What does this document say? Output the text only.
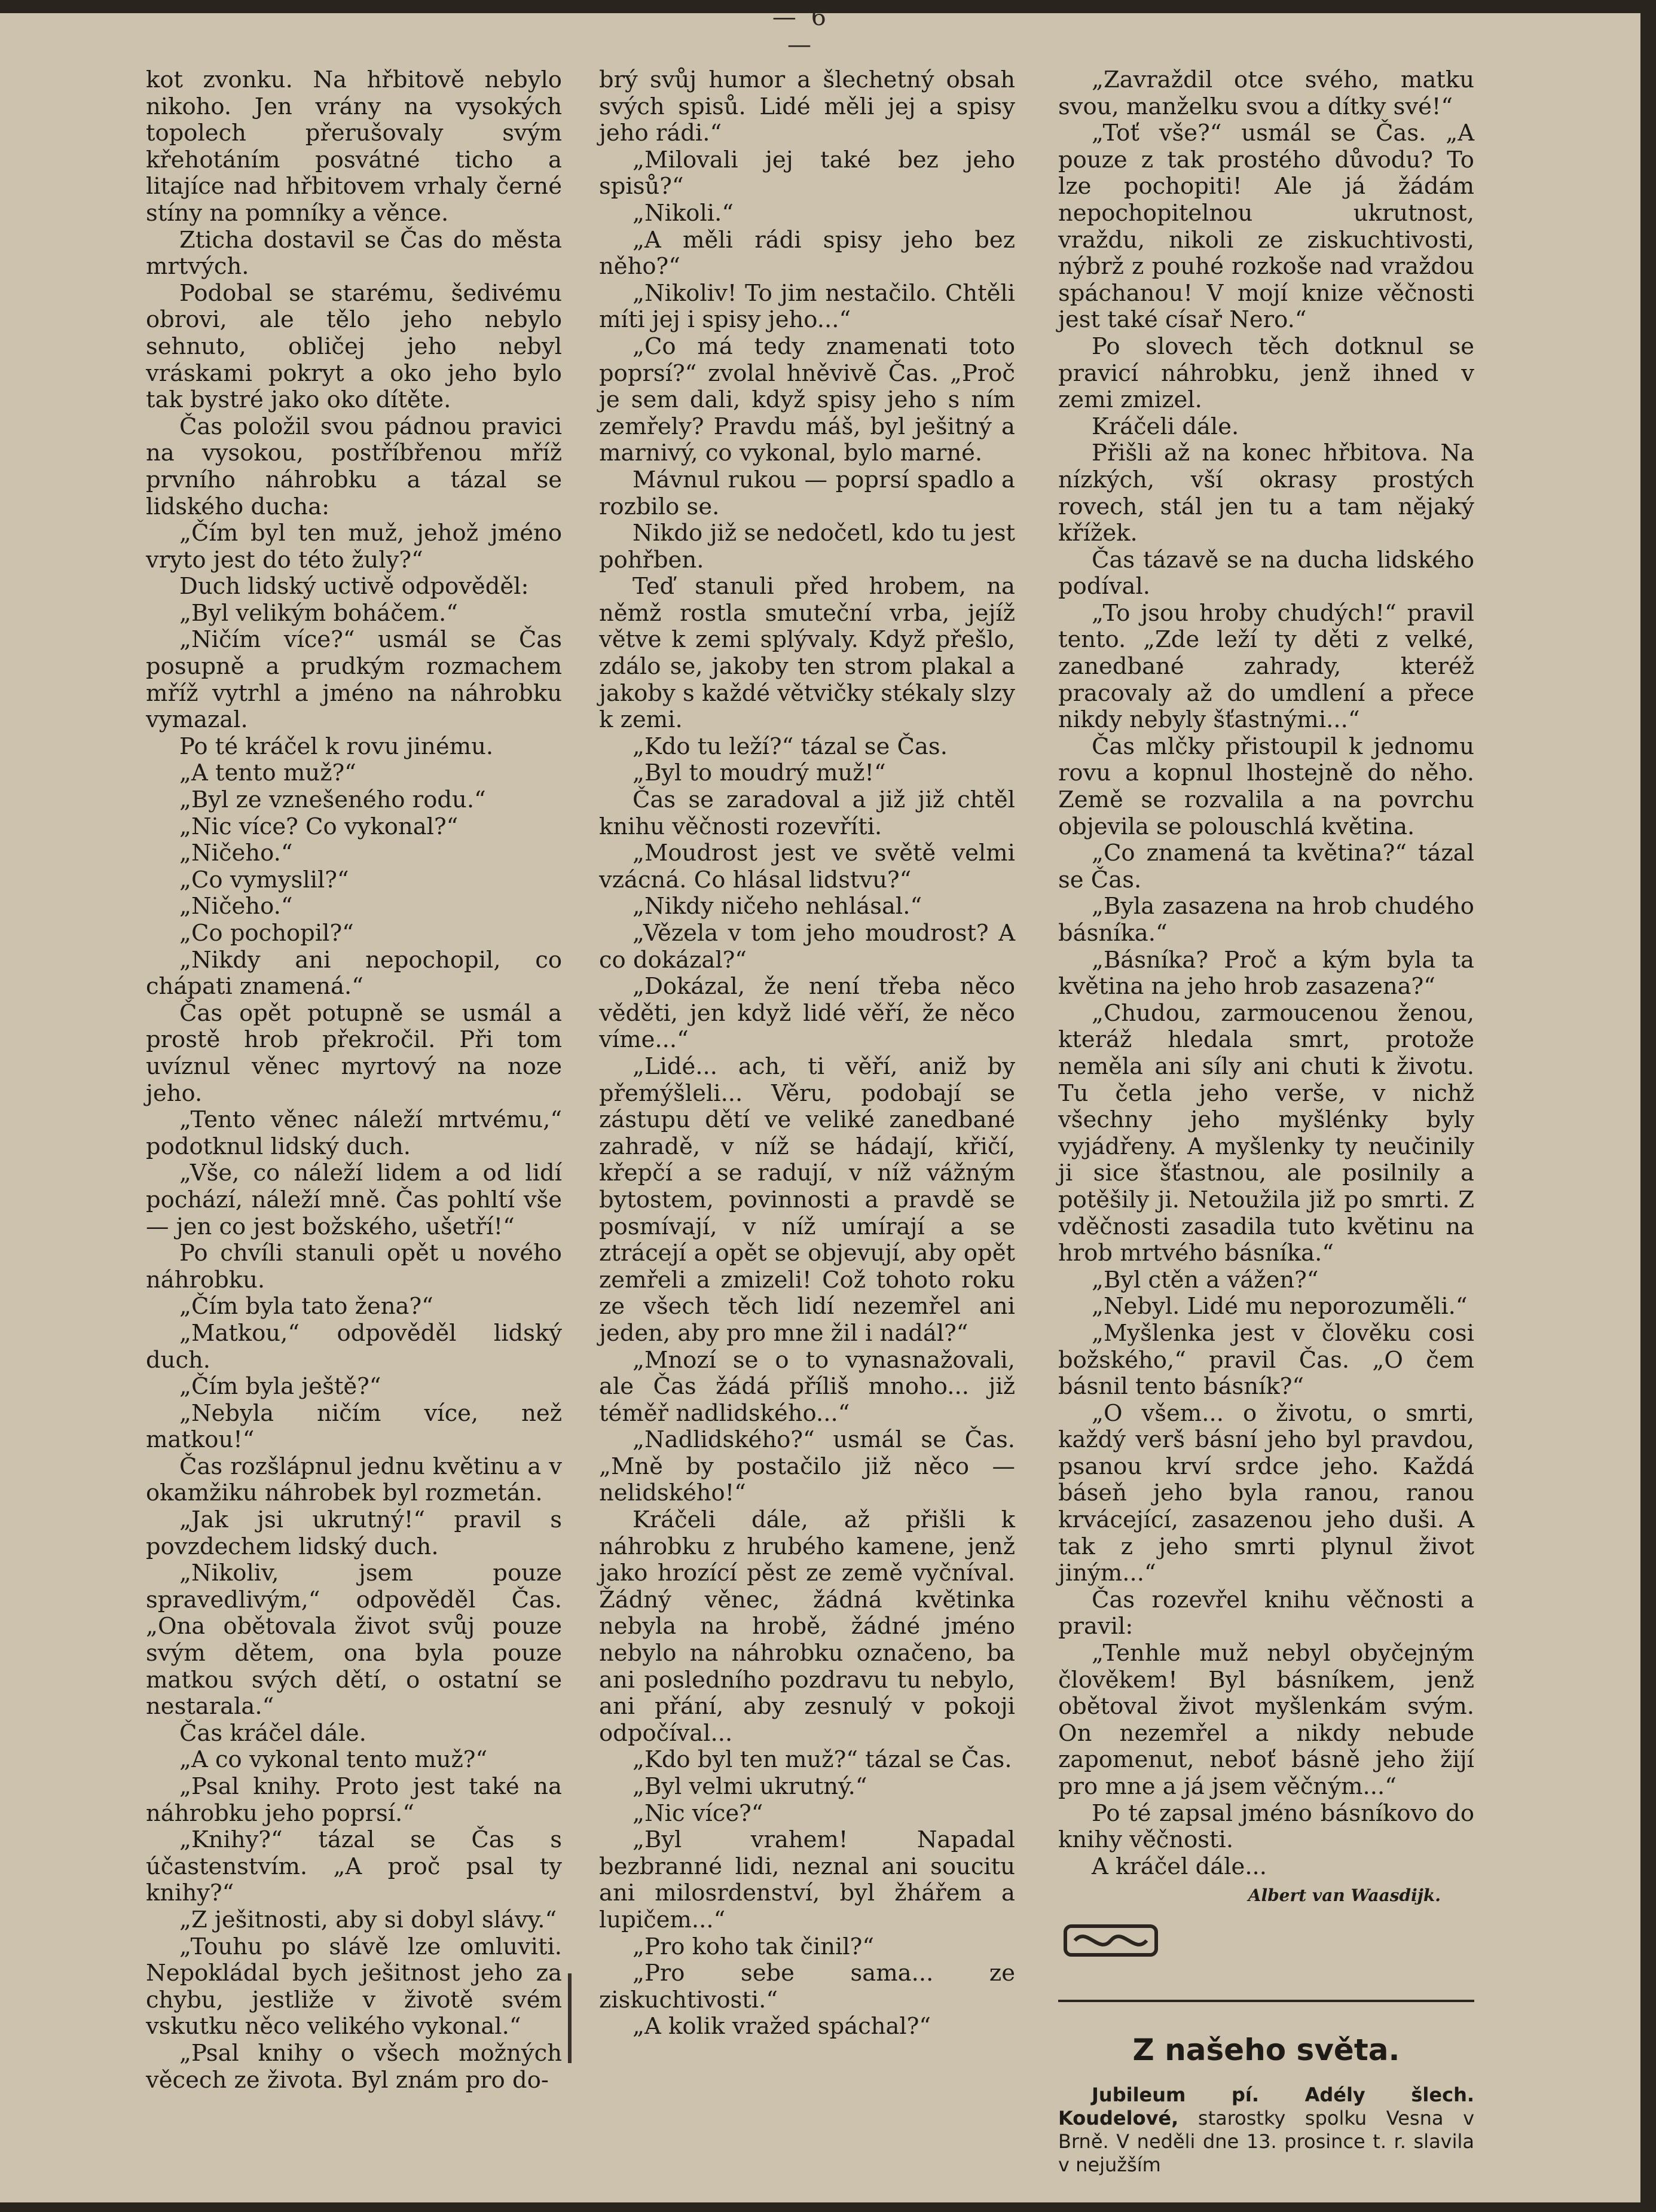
— 6 —

kot zvonku. Na hřbitově nebylo nikoho. Jen vrány na vysokých topolech přerušovaly svým křehotáním posvátné ticho a litajíce nad hřbitovem vrhaly černé stíny na pomníky a věnce.

Zticha dostavil se Čas do města mrtvých.

Podobal se starému, šedivému obrovi, ale tělo jeho nebylo sehnuto, obličej jeho nebyl vráskami pokryt a oko jeho bylo tak bystré jako oko dítěte.

Čas položil svou pádnou pravici na vysokou, postříbřenou mříž prvního náhrobku a tázal se lidského ducha:

„Čím byl ten muž, jehož jméno vryto jest do této žuly?“

Duch lidský uctivě odpověděl:

„Byl velikým boháčem.“

„Ničím více?“ usmál se Čas posupně a prudkým rozmachem mříž vytrhl a jméno na náhrobku vymazal.

Po té kráčel k rovu jinému.

„A tento muž?“

„Byl ze vznešeného rodu.“

„Nic více? Co vykonal?“

„Ničeho.“

„Co vymyslil?“

„Ničeho.“

„Co pochopil?“

„Nikdy ani nepochopil, co chápati znamená.“

Čas opět potupně se usmál a prostě hrob překročil. Při tom uvíznul věnec myrtový na noze jeho.

„Tento věnec náleží mrtvému,“ podotknul lidský duch.

„Vše, co náleží lidem a od lidí pochází, náleží mně. Čas pohltí vše — jen co jest božského, ušetří!“

Po chvíli stanuli opět u nového náhrobku.

„Čím byla tato žena?“

„Matkou,“ odpověděl lidský duch.

„Čím byla ještě?“

„Nebyla ničím více, než matkou!“

Čas rozšlápnul jednu květinu a v okamžiku náhrobek byl rozmetán.

„Jak jsi ukrutný!“ pravil s povzdechem lidský duch.

„Nikoliv, jsem pouze spravedlivým,“ odpověděl Čas. „Ona obětovala život svůj pouze svým dětem, ona byla pouze matkou svých dětí, o ostatní se nestarala.“

Čas kráčel dále.

„A co vykonal tento muž?“

„Psal knihy. Proto jest také na náhrobku jeho poprsí.“

„Knihy?“ tázal se Čas s účastenstvím. „A proč psal ty knihy?“

„Z ješitnosti, aby si dobyl slávy.“

„Touhu po slávě lze omluviti. Nepokládal bych ješitnost jeho za chybu, jestliže v životě svém vskutku něco velikého vykonal.“

„Psal knihy o všech možných věcech ze života. Byl znám pro do-

brý svůj humor a šlechetný obsah svých spisů. Lidé měli jej a spisy jeho rádi.“

„Milovali jej také bez jeho spisů?“

„Nikoli.“

„A měli rádi spisy jeho bez něho?“

„Nikoliv! To jim nestačilo. Chtěli míti jej i spisy jeho...“

„Co má tedy znamenati toto poprsí?“ zvolal hněvivě Čas. „Proč je sem dali, když spisy jeho s ním zemřely? Pravdu máš, byl ješitný a marnivý, co vykonal, bylo marné.

Mávnul rukou — poprsí spadlo a rozbilo se.

Nikdo již se nedočetl, kdo tu jest pohřben.

Teď stanuli před hrobem, na němž rostla smuteční vrba, jejíž větve k zemi splývaly. Když přešlo, zdálo se, jakoby ten strom plakal a jakoby s každé větvičky stékaly slzy k zemi.

„Kdo tu leží?“ tázal se Čas.

„Byl to moudrý muž!“

Čas se zaradoval a již již chtěl knihu věčnosti rozevříti.

„Moudrost jest ve světě velmi vzácná. Co hlásal lidstvu?“

„Nikdy ničeho nehlásal.“

„Vězela v tom jeho moudrost? A co dokázal?“

„Dokázal, že není třeba něco věděti, jen když lidé věří, že něco víme...“

„Lidé... ach, ti věří, aniž by přemýšleli... Věru, podobají se zástupu dětí ve veliké zanedbané zahradě, v níž se hádají, křičí, křepčí a se radují, v níž vážným bytostem, povinnosti a pravdě se posmívají, v níž umírají a se ztrácejí a opět se objevují, aby opět zemřeli a zmizeli! Což tohoto roku ze všech těch lidí nezemřel ani jeden, aby pro mne žil i nadál?“

„Mnozí se o to vynasnažovali, ale Čas žádá příliš mnoho... již téměř nadlidského...“

„Nadlidského?“ usmál se Čas. „Mně by postačilo již něco — nelidského!“

Kráčeli dále, až přišli k náhrobku z hrubého kamene, jenž jako hrozící pěst ze země vyčníval. Žádný věnec, žádná květinka nebyla na hrobě, žádné jméno nebylo na náhrobku označeno, ba ani posledního pozdravu tu nebylo, ani přání, aby zesnulý v pokoji odpočíval...

„Kdo byl ten muž?“ tázal se Čas.

„Byl velmi ukrutný.“

„Nic více?“

„Byl vrahem! Napadal bezbranné lidi, neznal ani soucitu ani milosrdenství, byl žhářem a lupičem...“

„Pro koho tak činil?“

„Pro sebe sama... ze ziskuchtivosti.“

„A kolik vražed spáchal?“

„Zavraždil otce svého, matku svou, manželku svou a dítky své!“

„Toť vše?“ usmál se Čas. „A pouze z tak prostého důvodu? To lze pochopiti! Ale já žádám nepochopitelnou ukrutnost, vraždu, nikoli ze ziskuchtivosti, nýbrž z pouhé rozkoše nad vraždou spáchanou! V mojí knize věčnosti jest také císař Nero.“

Po slovech těch dotknul se pravicí náhrobku, jenž ihned v zemi zmizel.

Kráčeli dále.

Přišli až na konec hřbitova. Na nízkých, vší okrasy prostých rovech, stál jen tu a tam nějaký křížek.

Čas tázavě se na ducha lidského podíval.

„To jsou hroby chudých!“ pravil tento. „Zde leží ty děti z velké, zanedbané zahrady, kteréž pracovaly až do umdlení a přece nikdy nebyly šťastnými...“

Čas mlčky přistoupil k jednomu rovu a kopnul lhostejně do něho. Země se rozvalila a na povrchu objevila se polouschlá květina.

„Co znamená ta květina?“ tázal se Čas.

„Byla zasazena na hrob chudého básníka.“

„Básníka? Proč a kým byla ta květina na jeho hrob zasazena?“

„Chudou, zarmoucenou ženou, kteráž hledala smrt, protože neměla ani síly ani chuti k životu. Tu četla jeho verše, v nichž všechny jeho myšlénky byly vyjádřeny. A myšlenky ty neučinily ji sice šťastnou, ale posilnily a potěšily ji. Netoužila již po smrti. Z vděčnosti zasadila tuto květinu na hrob mrtvého básníka.“

„Byl ctěn a vážen?“

„Nebyl. Lidé mu neporozuměli.“

„Myšlenka jest v člověku cosi božského,“ pravil Čas. „O čem básnil tento básník?“

„O všem... o životu, o smrti, každý verš básní jeho byl pravdou, psanou krví srdce jeho. Každá báseň jeho byla ranou, ranou krvácející, zasazenou jeho duši. A tak z jeho smrti plynul život jiným...“

Čas rozevřel knihu věčnosti a pravil:

„Tenhle muž nebyl obyčejným člověkem! Byl básníkem, jenž obětoval život myšlenkám svým. On nezemřel a nikdy nebude zapomenut, neboť básně jeho žijí pro mne a já jsem věčným...“

Po té zapsal jméno básníkovo do knihy věčnosti.

A kráčel dále...

Albert van Waasdijk.
Z našeho světa.

Jubileum pí. Adély šlech. Koudelové, starostky spolku Vesna v Brně. V neděli dne 13. prosince t. r. slavila v nejužším
